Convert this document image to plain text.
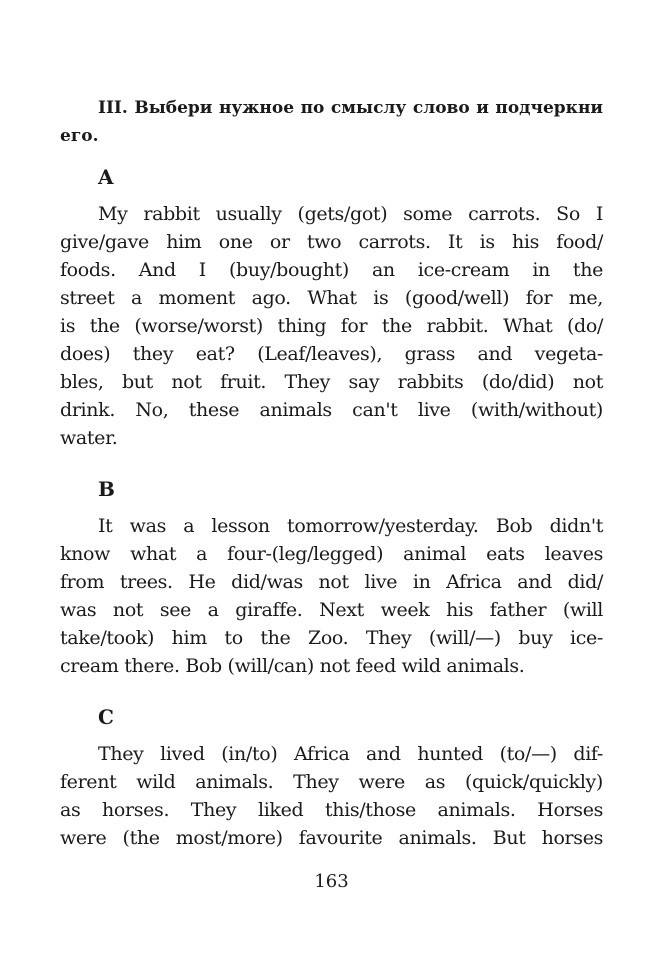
III. Выбери нужное по смыслу слово и подчеркни его.

A

My rabbit usually (gets/got) some carrots. So I
give/gave him one or two carrots. It is his food/
foods. And I (buy/bought) an ice-cream in the
street a moment ago. What is (good/well) for me,
is the (worse/worst) thing for the rabbit. What (do/
does) they eat? (Leaf/leaves), grass and vegeta-
bles, but not fruit. They say rabbits (do/did) not
drink. No, these animals can't live (with/without)
water.

B

It was a lesson tomorrow/yesterday. Bob didn't
know what a four-(leg/legged) animal eats leaves
from trees. He did/was not live in Africa and did/
was not see a giraffe. Next week his father (will
take/took) him to the Zoo. They (will/—) buy ice-
cream there. Bob (will/can) not feed wild animals.

C

They lived (in/to) Africa and hunted (to/—) dif-
ferent wild animals. They were as (quick/quickly)
as horses. They liked this/those animals. Horses
were (the most/more) favourite animals. But horses
163
